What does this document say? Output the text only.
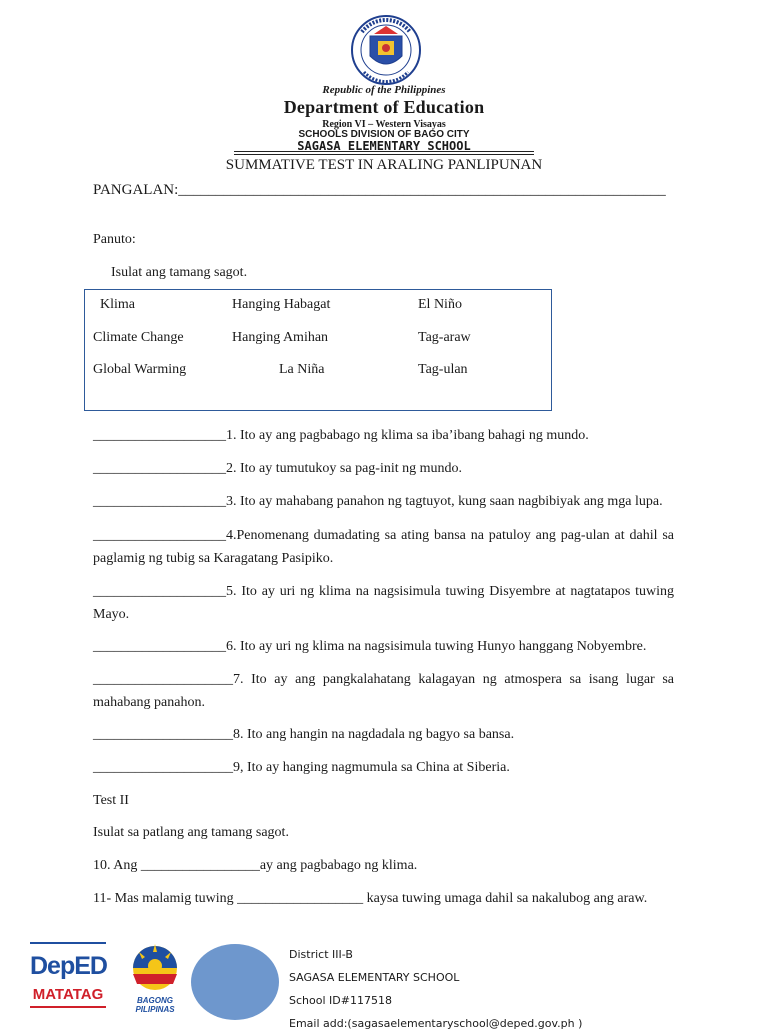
Republic of the Philippines
Department of Education
Region VI – Western Visayas
SCHOOLS DIVISION OF BAGO CITY
SAGASA ELEMENTARY SCHOOL
SUMMATIVE TEST IN ARALING PANLIPUNAN
PANGALAN:_________________________________________________________________
Panuto:
Isulat ang tamang sagot.
Klima	Hanging Habagat	El Niño
Climate Change	Hanging Amihan	Tag-araw
Global Warming	La Niña	Tag-ulan
___________________1. Ito ay ang pagbabago ng klima sa iba’ibang bahagi ng mundo.
___________________2. Ito ay tumutukoy sa pag-init ng mundo.
___________________3. Ito ay mahabang panahon ng tagtuyot, kung saan nagbibiyak ang mga lupa.
___________________4.Penomenang dumadating sa ating bansa na patuloy ang pag-ulan at dahil sa paglamig ng tubig sa Karagatang Pasipiko.
___________________5. Ito ay uri ng klima na nagsisimula tuwing Disyembre at nagtatapos tuwing Mayo.
___________________6. Ito ay uri ng klima na nagsisimula tuwing Hunyo hanggang Nobyembre.
____________________7. Ito ay ang pangkalahatang kalagayan ng atmospera sa isang lugar sa mahabang panahon.
____________________8. Ito ang hangin na nagdadala ng bagyo sa bansa.
____________________9, Ito ay hanging nagmumula sa China at Siberia.
Test II
Isulat sa patlang ang tamang sagot.
10. Ang _________________ay ang pagbabago ng klima.
11- Mas malamig tuwing __________________ kaysa tuwing umaga dahil sa nakalubog ang araw.
DepED
MATATAG	BAGONG PILIPINAS
District III-B
SAGASA ELEMENTARY SCHOOL
School ID#117518
Email add:(sagasaelementaryschool@deped.gov.ph )
